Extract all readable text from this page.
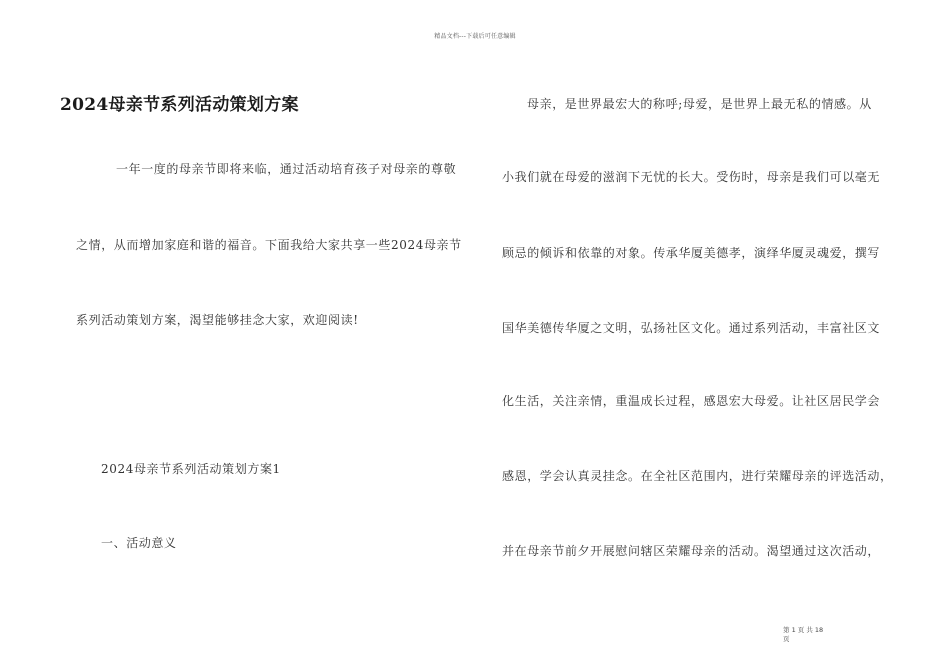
精品文档---下载后可任意编辑
2024母亲节系列活动策划方案
一年一度的母亲节即将来临，通过活动培育孩子对母亲的尊敬
之情，从而增加家庭和谐的福音。下面我给大家共享一些2024母亲节
系列活动策划方案，渴望能够挂念大家，欢迎阅读!
2024母亲节系列活动策划方案1
一、活动意义
母亲，是世界最宏大的称呼;母爱，是世界上最无私的情感。从
小我们就在母爱的滋润下无忧的长大。受伤时，母亲是我们可以毫无
顾忌的倾诉和依靠的对象。传承华厦美德孝，演绎华厦灵魂爱，撰写
国华美德传华厦之文明，弘扬社区文化。通过系列活动，丰富社区文
化生活，关注亲情，重温成长过程，感恩宏大母爱。让社区居民学会
感恩，学会认真灵挂念。在全社区范围内，进行荣耀母亲的评选活动，
并在母亲节前夕开展慰问辖区荣耀母亲的活动。渴望通过这次活动，
第 1 页 共 18
页
